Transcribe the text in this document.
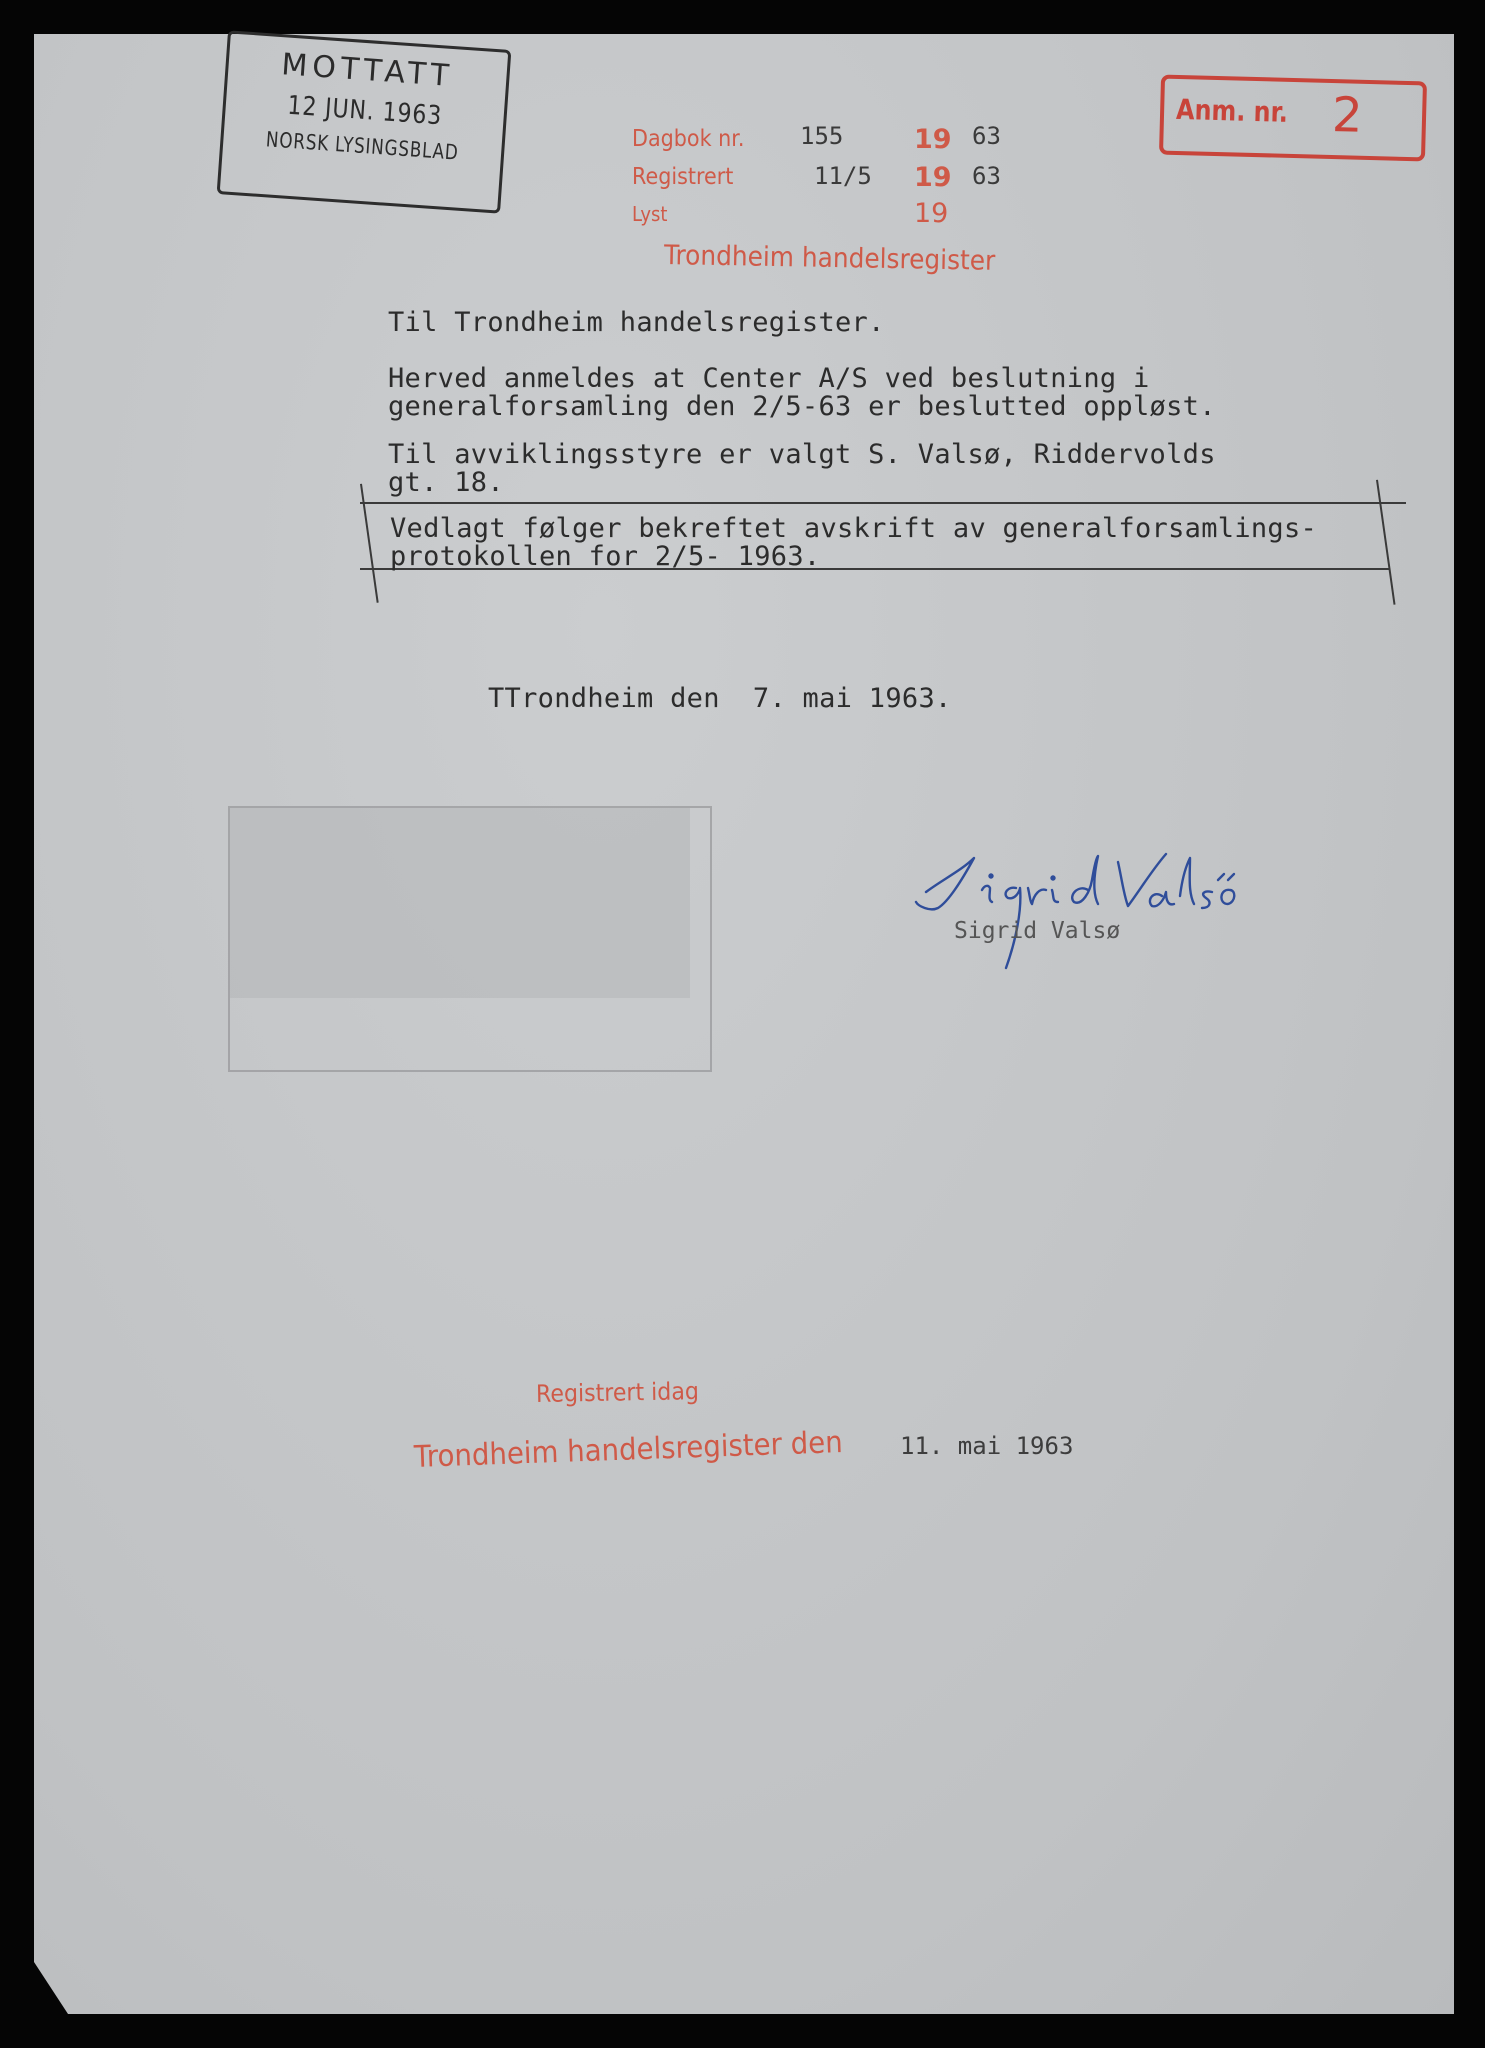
MOTTATT
12 JUN. 1963
NORSK LYSINGSBLAD
Anm. nr. 2
Dagbok nr. 155	19 63
Registrert	11/5 19 63
Lyst	19
Trondheim handelsregister
Til Trondheim handelsregister.
Herved anmeldes at Center A/S ved beslutning i
generalforsamling den 2/5-63 er beslutted oppløst.
Til avviklingsstyre er valgt S. Valsø, Riddervolds
gt. 18.
Vedlagt følger bekreftet avskrift av generalforsamlings-
protokollen for 2/5- 1963.
TTrondheim den  7. mai 1963.
Sigrid Valsø
Registrert idag
Trondheim handelsregister den 11. mai 1963
